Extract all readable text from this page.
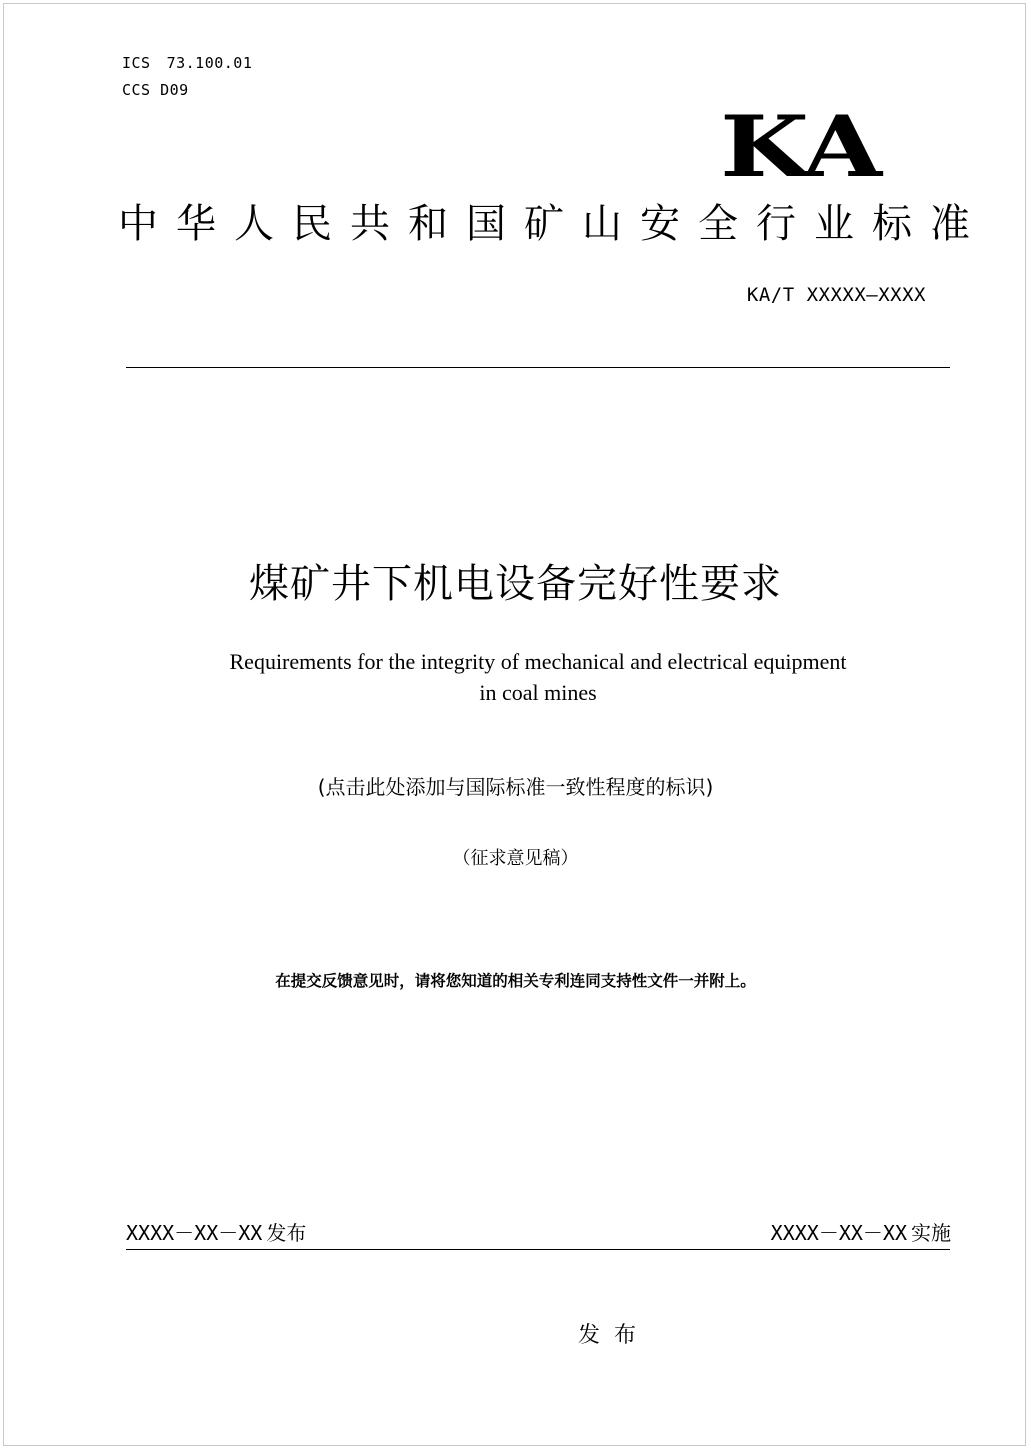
ICS 73.100.01
CCS D09
KA
中华人民共和国矿山安全行业标准
KA/T XXXXX—XXXX
煤矿井下机电设备完好性要求
Requirements for the integrity of mechanical and electrical equipment
in coal mines
(点击此处添加与国际标准一致性程度的标识)
（征求意见稿）
在提交反馈意见时，请将您知道的相关专利连同支持性文件一并附上。
XXXX－XX－XX 发布	XXXX－XX－XX 实施
发布
